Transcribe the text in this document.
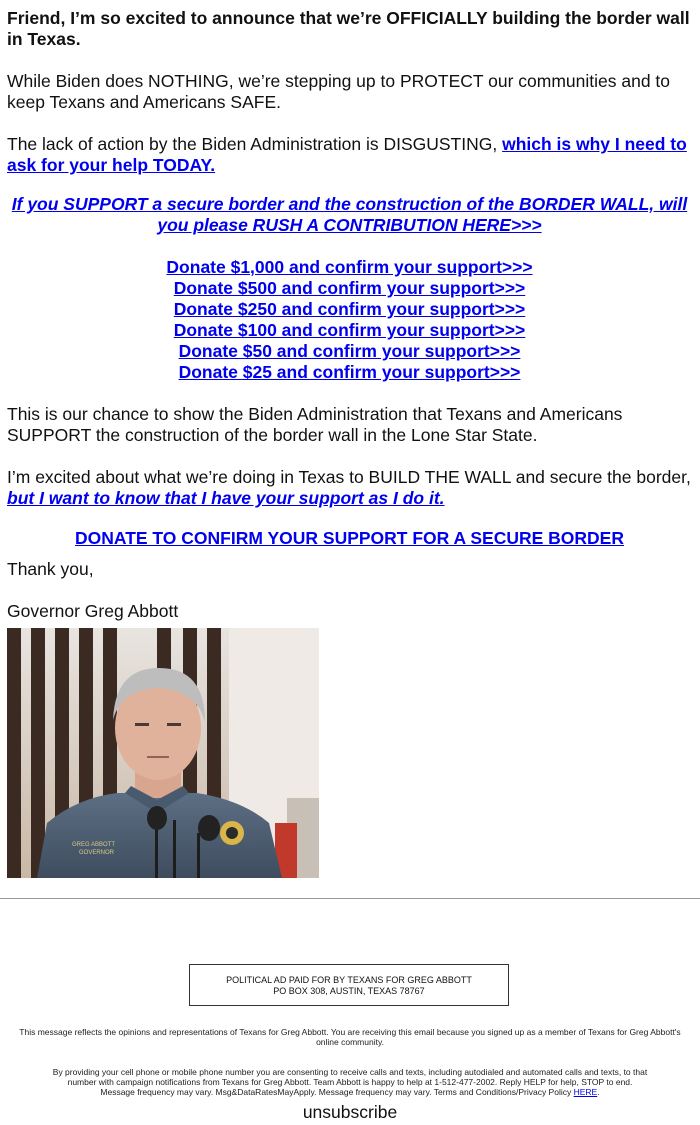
Friend, I’m so excited to announce that we’re OFFICIALLY building the border wall in Texas.

While Biden does NOTHING, we’re stepping up to PROTECT our communities and to keep Texans and Americans SAFE.

The lack of action by the Biden Administration is DISGUSTING, which is why I need to ask for your help TODAY.

If you SUPPORT a secure border and the construction of the BORDER WALL, will you please RUSH A CONTRIBUTION HERE>>>

Donate $1,000 and confirm your support>>>
Donate $500 and confirm your support>>>
Donate $250 and confirm your support>>>
Donate $100 and confirm your support>>>
Donate $50 and confirm your support>>>
Donate $25 and confirm your support>>>

This is our chance to show the Biden Administration that Texans and Americans SUPPORT the construction of the border wall in the Lone Star State.

I’m excited about what we’re doing in Texas to BUILD THE WALL and secure the border, but I want to know that I have your support as I do it.

DONATE TO CONFIRM YOUR SUPPORT FOR A SECURE BORDER

Thank you,

Governor Greg Abbott

GREG ABBOTT
GOVERNOR
POLITICAL AD PAID FOR BY TEXANS FOR GREG ABBOTT
PO BOX 308, AUSTIN, TEXAS 78767
This message reflects the opinions and representations of Texans for Greg Abbott. You are receiving this email because you signed up as a member of Texans for Greg Abbott's online community.
By providing your cell phone or mobile phone number you are consenting to receive calls and texts, including autodialed and automated calls and texts, to that
number with campaign notifications from Texans for Greg Abbott. Team Abbott is happy to help at 1-512-477-2002. Reply HELP for help, STOP to end.
Message frequency may vary. Msg&DataRatesMayApply. Message frequency may vary. Terms and Conditions/Privacy Policy HERE.
unsubscribe
